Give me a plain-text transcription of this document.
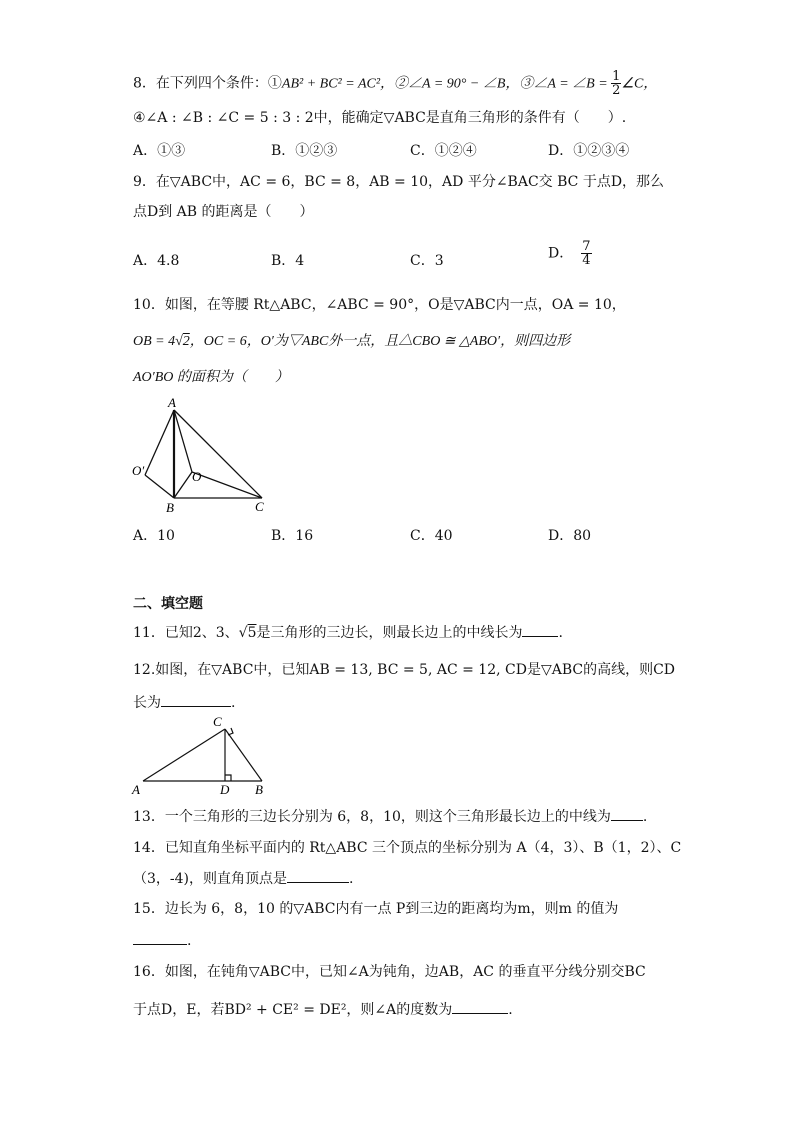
8．在下列四个条件：①AB² + BC² = AC²，②∠A = 90° − ∠B，③∠A = ∠B = $\frac{1}{2}$ ∠C，
④∠A : ∠B : ∠C = 5 : 3 : 2中，能确定▽ABC是直角三角形的条件有（　　）.
A．①③	B．①②③	C．①②④	D．①②③④
9．在▽ABC中，AC = 6，BC = 8，AB = 10，AD 平分∠BAC交 BC 于点D，那么
点D到 AB 的距离是（　　）
A．4.8	B．4	C．3	D． $\frac{7}{4}$
10．如图，在等腰 Rt△ABC，∠ABC = 90°，O是▽ABC内一点，OA = 10，
OB = 4√2，OC = 6，O′为▽ABC外一点，且△CBO ≅ △ABO′，则四边形
AO′BO 的面积为（　　）
A
B	C
O
O′
A．10	B．16	C．40	D．80
二、填空题
11．已知2、3、√5是三角形的三边长，则最长边上的中线长为	.
12.如图，在▽ABC中，已知AB = 13, BC = 5, AC = 12, CD是▽ABC的高线，则CD
长为	.
A	B
C
D
13．一个三角形的三边长分别为 6，8，10，则这个三角形最长边上的中线为 .
14．已知直角坐标平面内的 Rt△ABC 三个顶点的坐标分别为 A（4，3）、B（1，2）、C
（3，-4)，则直角顶点是	.
15．边长为 6，8，10 的▽ABC内有一点 P到三边的距离均为m，则m 的值为
.
16．如图，在钝角▽ABC中，已知∠A为钝角，边AB，AC 的垂直平分线分别交BC
于点D，E，若BD² + CE² = DE²，则∠A的度数为	.
